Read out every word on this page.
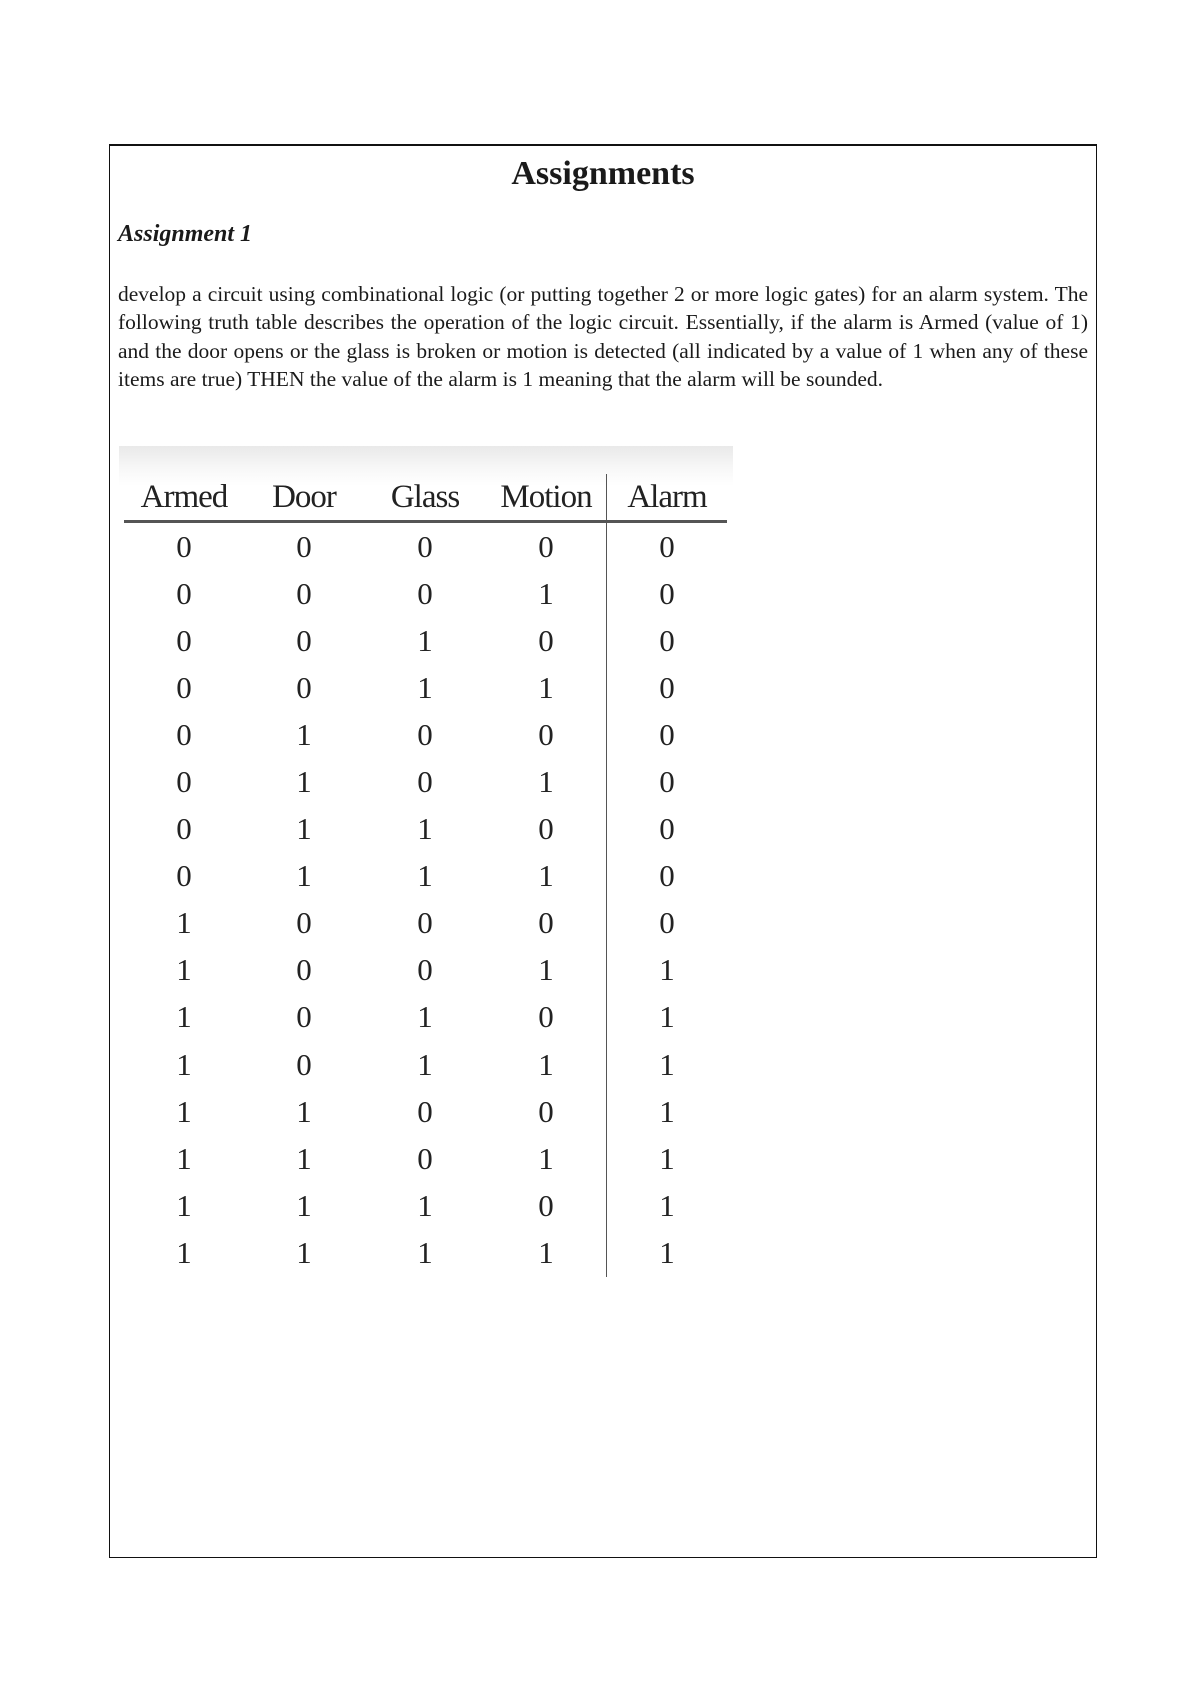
Assignments
Assignment 1

develop a circuit using combinational logic (or putting together 2 or more logic gates) for an alarm system. The following truth table describes the operation of the logic circuit. Essentially, if the alarm is Armed (value of 1) and the door opens or the glass is broken or motion is detected (all indicated by a value of 1 when any of these items are true) THEN the value of the alarm is 1 meaning that the alarm will be sounded.

Armed	Door	Glass	Motion	Alarm
0	0	0	0	0
0	0	0	1	0
0	0	1	0	0
0	0	1	1	0
0	1	0	0	0
0	1	0	1	0
0	1	1	0	0
0	1	1	1	0
1	0	0	0	0
1	0	0	1	1
1	0	1	0	1
1	0	1	1	1
1	1	0	0	1
1	1	0	1	1
1	1	1	0	1
1	1	1	1	1
